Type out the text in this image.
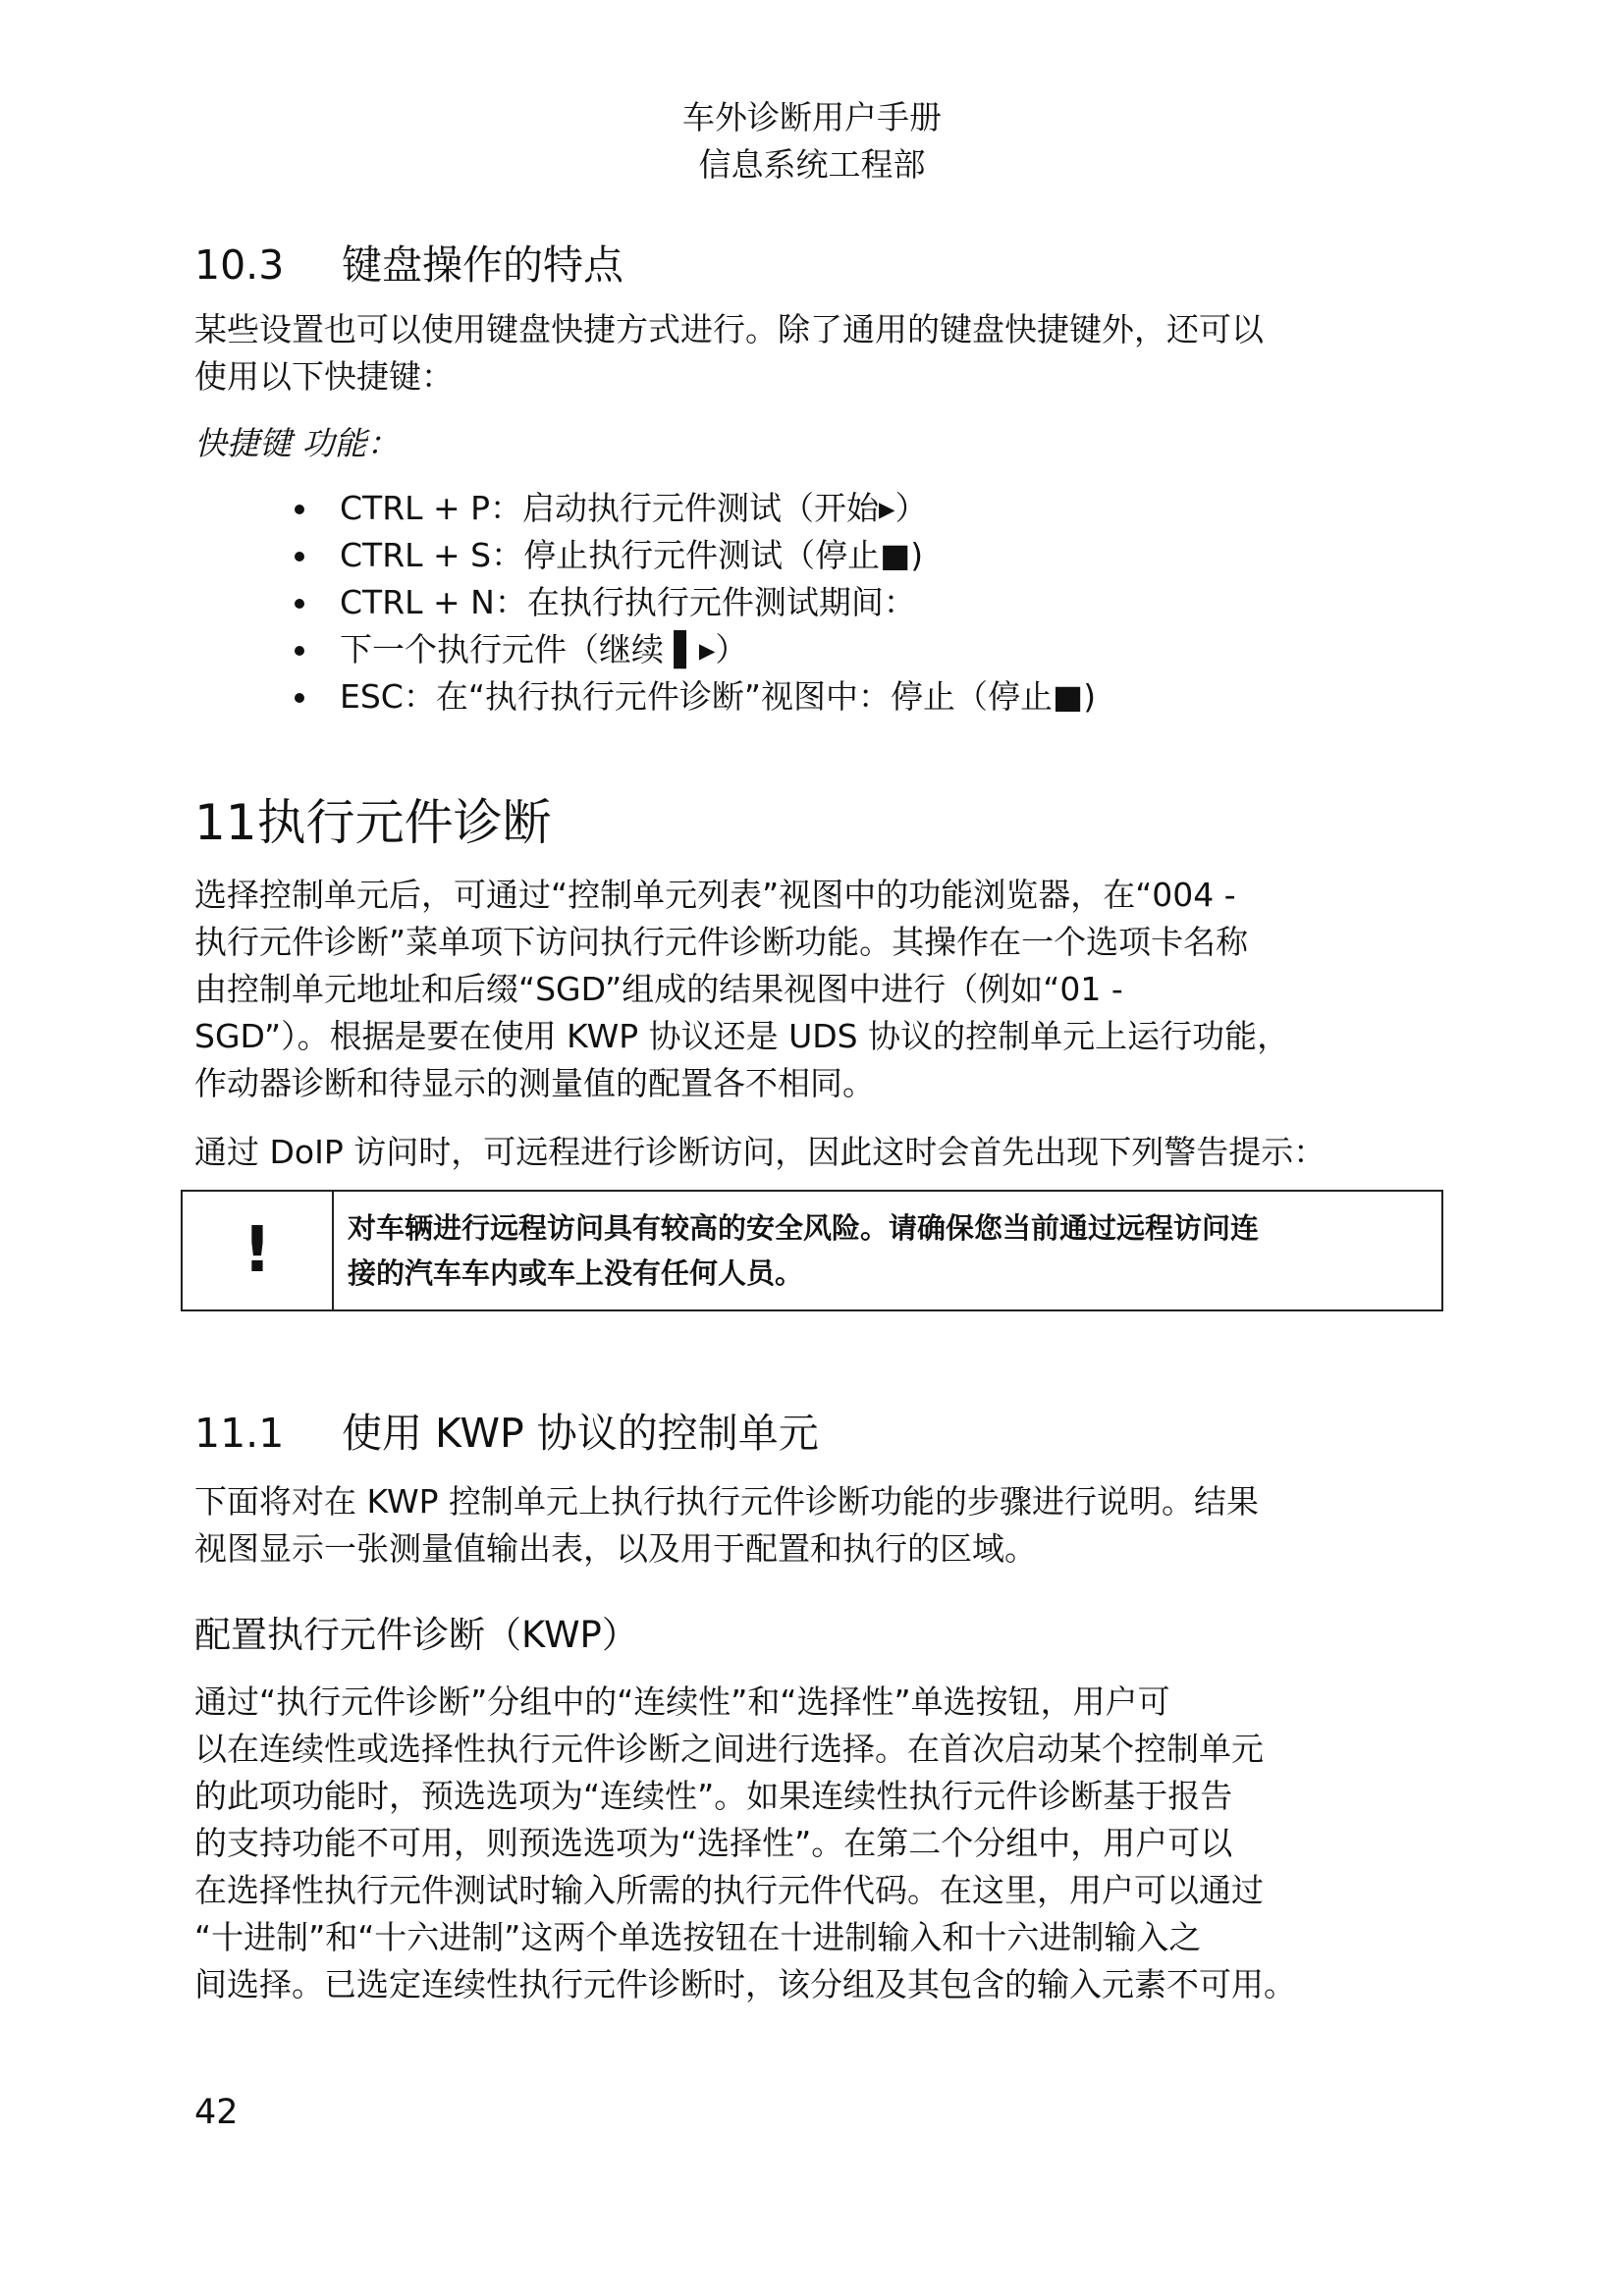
车外诊断用户手册
信息系统工程部
10.3 键盘操作的特点
某些设置也可以使用键盘快捷方式进行。除了通用的键盘快捷键外，还可以
使用以下快捷键：
快捷键 功能：
CTRL + P：启动执行元件测试（开始▸）
CTRL + S：停止执行元件测试（停止■)
CTRL + N：在执行执行元件测试期间：
下一个执行元件（继续 ▌▸）
ESC：在“执行执行元件诊断”视图中：停止（停止■)
11执行元件诊断
选择控制单元后，可通过“控制单元列表”视图中的功能浏览器，在“004 -
执行元件诊断”菜单项下访问执行元件诊断功能。其操作在一个选项卡名称
由控制单元地址和后缀“SGD”组成的结果视图中进行（例如“01 -
SGD”）。根据是要在使用 KWP 协议还是 UDS 协议的控制单元上运行功能，
作动器诊断和待显示的测量值的配置各不相同。
通过 DoIP 访问时，可远程进行诊断访问，因此这时会首先出现下列警告提示：
!	对车辆进行远程访问具有较高的安全风险。请确保您当前通过远程访问连
接的汽车车内或车上没有任何人员。
11.1 使用 KWP 协议的控制单元
下面将对在 KWP 控制单元上执行执行元件诊断功能的步骤进行说明。结果
视图显示一张测量值输出表，以及用于配置和执行的区域。
配置执行元件诊断（KWP）
通过“执行元件诊断”分组中的“连续性”和“选择性”单选按钮，用户可
以在连续性或选择性执行元件诊断之间进行选择。在首次启动某个控制单元
的此项功能时，预选选项为“连续性”。如果连续性执行元件诊断基于报告
的支持功能不可用，则预选选项为“选择性”。在第二个分组中，用户可以
在选择性执行元件测试时输入所需的执行元件代码。在这里，用户可以通过
“十进制”和“十六进制”这两个单选按钮在十进制输入和十六进制输入之
间选择。已选定连续性执行元件诊断时，该分组及其包含的输入元素不可用。
42
